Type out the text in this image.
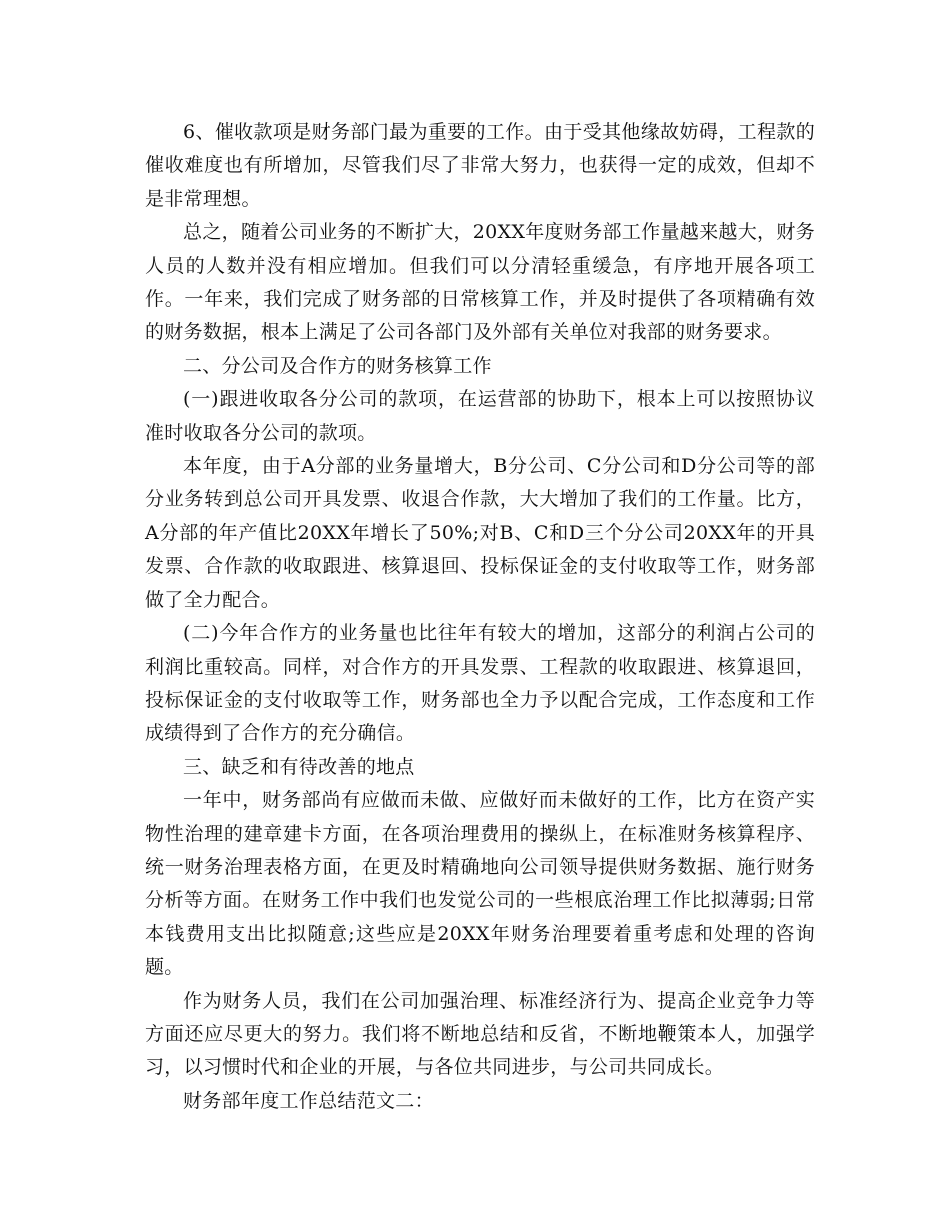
6、催收款项是财务部门最为重要的工作。由于受其他缘故妨碍，工程款的催收难度也有所增加，尽管我们尽了非常大努力，也获得一定的成效，但却不是非常理想。

总之，随着公司业务的不断扩大，20XX年度财务部工作量越来越大，财务人员的人数并没有相应增加。但我们可以分清轻重缓急，有序地开展各项工作。一年来，我们完成了财务部的日常核算工作，并及时提供了各项精确有效的财务数据，根本上满足了公司各部门及外部有关单位对我部的财务要求。

二、分公司及合作方的财务核算工作

(一)跟进收取各分公司的款项，在运营部的协助下，根本上可以按照协议准时收取各分公司的款项。

本年度，由于A分部的业务量增大，B分公司、C分公司和D分公司等的部分业务转到总公司开具发票、收退合作款，大大增加了我们的工作量。比方，A分部的年产值比20XX年增长了50%;对B、C和D三个分公司20XX年的开具发票、合作款的收取跟进、核算退回、投标保证金的支付收取等工作，财务部做了全力配合。

(二)今年合作方的业务量也比往年有较大的增加，这部分的利润占公司的利润比重较高。同样，对合作方的开具发票、工程款的收取跟进、核算退回，投标保证金的支付收取等工作，财务部也全力予以配合完成，工作态度和工作成绩得到了合作方的充分确信。

三、缺乏和有待改善的地点

一年中，财务部尚有应做而未做、应做好而未做好的工作，比方在资产实物性治理的建章建卡方面，在各项治理费用的操纵上，在标准财务核算程序、统一财务治理表格方面，在更及时精确地向公司领导提供财务数据、施行财务分析等方面。在财务工作中我们也发觉公司的一些根底治理工作比拟薄弱;日常本钱费用支出比拟随意;这些应是20XX年财务治理要着重考虑和处理的咨询题。

作为财务人员，我们在公司加强治理、标准经济行为、提高企业竞争力等方面还应尽更大的努力。我们将不断地总结和反省，不断地鞭策本人，加强学习，以习惯时代和企业的开展，与各位共同进步，与公司共同成长。

财务部年度工作总结范文二：
